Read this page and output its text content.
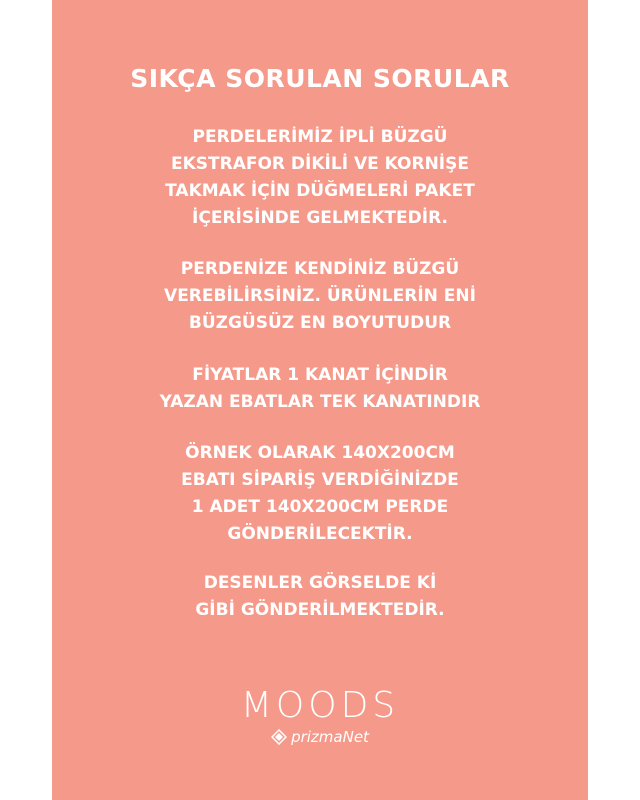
SIKÇA SORULAN SORULAR
PERDELERİMİZ İPLİ BÜZGÜ
EKSTRAFOR DİKİLİ VE KORNİŞE
TAKMAK İÇİN DÜĞMELERİ PAKET
İÇERİSİNDE GELMEKTEDİR.
PERDENİZE KENDİNİZ BÜZGÜ
VEREBİLİRSİNİZ. ÜRÜNLERİN ENİ
BÜZGÜSÜZ EN BOYUTUDUR
FİYATLAR 1 KANAT İÇİNDİR
YAZAN EBATLAR TEK KANATINDIR
ÖRNEK OLARAK 140X200CM
EBATI SİPARİŞ VERDİĞİNİZDE
1 ADET 140X200CM PERDE
GÖNDERİLECEKTİR.
DESENLER GÖRSELDE Kİ
GİBİ GÖNDERİLMEKTEDİR.
MOODS
prizmaNet
